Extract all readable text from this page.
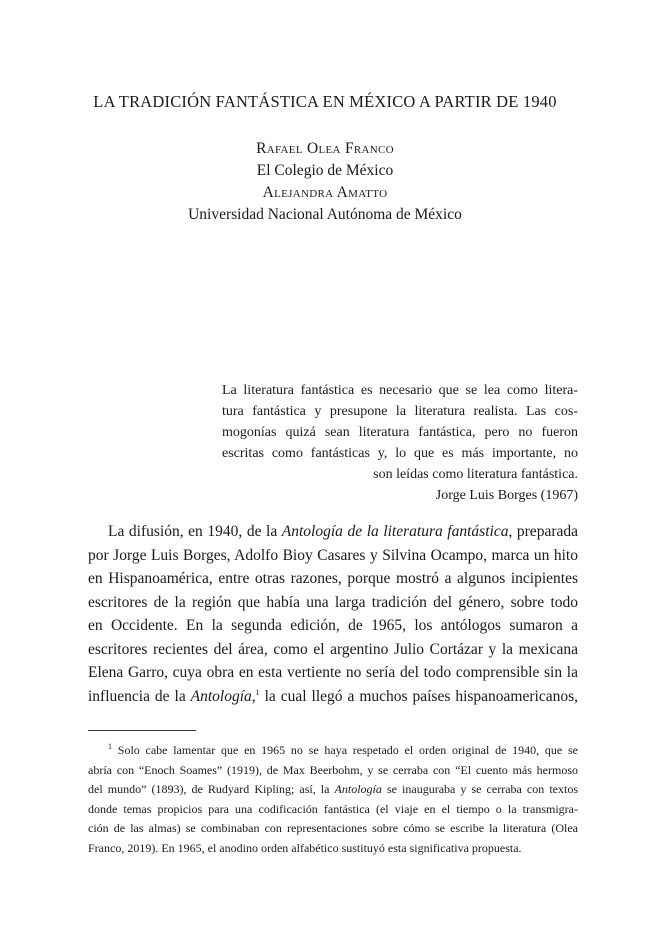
LA TRADICIÓN FANTÁSTICA EN MÉXICO A PARTIR DE 1940
Rafael Olea Franco
El Colegio de México
Alejandra Amatto
Universidad Nacional Autónoma de México
La literatura fantástica es necesario que se lea como litera-
tura fantástica y presupone la literatura realista. Las cos-
mogonías quizá sean literatura fantástica, pero no fueron
escritas como fantásticas y, lo que es más importante, no
son leídas como literatura fantástica.
Jorge Luis Borges (1967)
La difusión, en 1940, de la Antología de la literatura fantástica, preparada
por Jorge Luis Borges, Adolfo Bioy Casares y Silvina Ocampo, marca un hito
en Hispanoamérica, entre otras razones, porque mostró a algunos incipientes
escritores de la región que había una larga tradición del género, sobre todo
en Occidente. En la segunda edición, de 1965, los antólogos sumaron a
escritores recientes del área, como el argentino Julio Cortázar y la mexicana
Elena Garro, cuya obra en esta vertiente no sería del todo comprensible sin la
influencia de la Antología,$^1$ la cual llegó a muchos países hispanoamericanos,
$^1$ Solo cabe lamentar que en 1965 no se haya respetado el orden original de 1940, que se
abría con “Enoch Soames” (1919), de Max Beerbohm, y se cerraba con “El cuento más hermoso
del mundo” (1893), de Rudyard Kipling; así, la Antología se inauguraba y se cerraba con textos
donde temas propicios para una codificación fantástica (el viaje en el tiempo o la transmigra-
ción de las almas) se combinaban con representaciones sobre cómo se escribe la literatura (Olea
Franco, 2019). En 1965, el anodino orden alfabético sustituyó esta significativa propuesta.
